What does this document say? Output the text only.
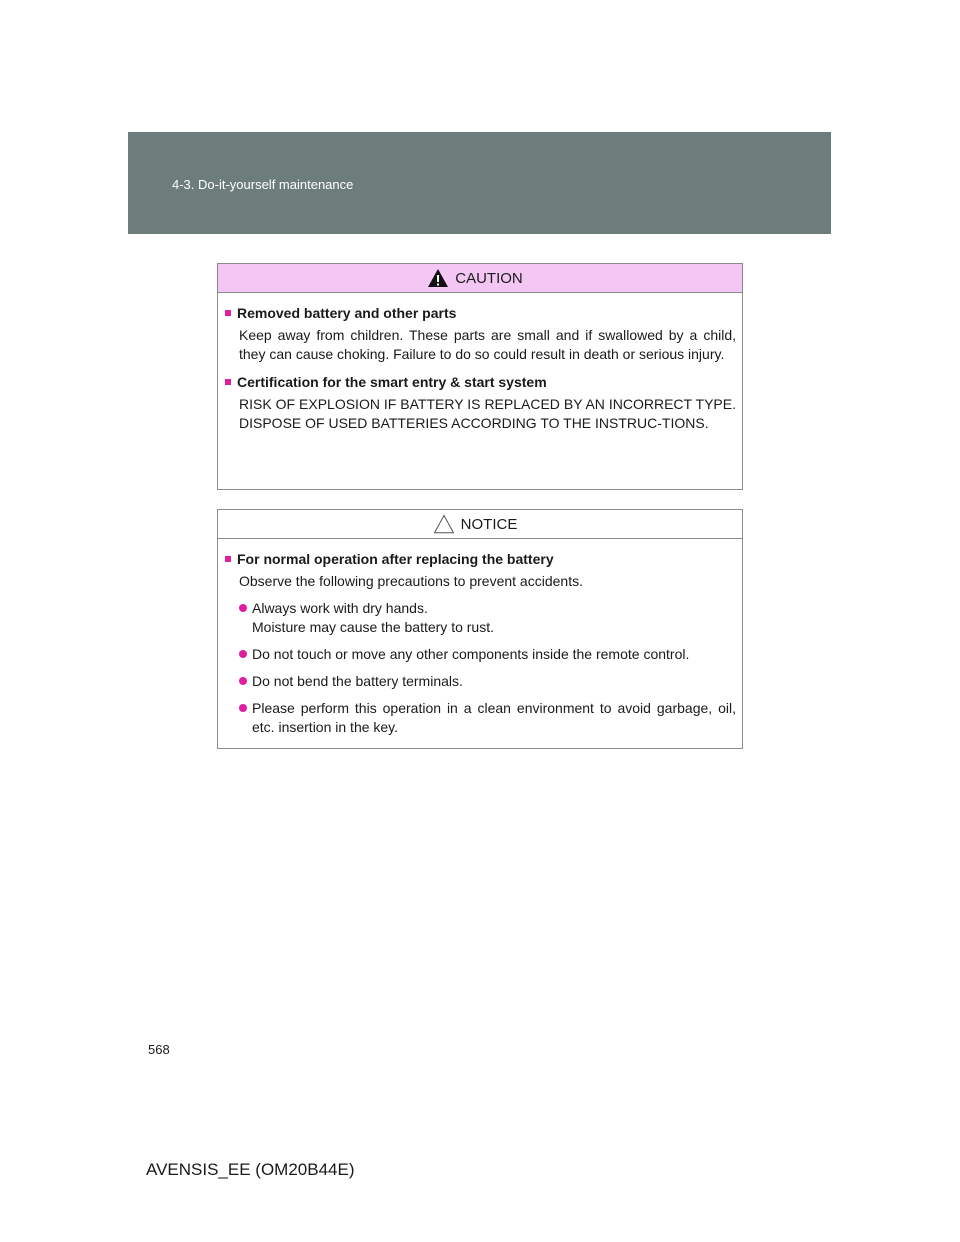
4-3. Do-it-yourself maintenance
CAUTION
Removed battery and other parts
Keep away from children. These parts are small and if swallowed by a child, they can cause choking. Failure to do so could result in death or serious injury.
Certification for the smart entry & start system
RISK OF EXPLOSION IF BATTERY IS REPLACED BY AN INCORRECT TYPE. DISPOSE OF USED BATTERIES ACCORDING TO THE INSTRUC-TIONS.
NOTICE
For normal operation after replacing the battery
Observe the following precautions to prevent accidents.
Always work with dry hands.
Moisture may cause the battery to rust.
Do not touch or move any other components inside the remote control.
Do not bend the battery terminals.
Please perform this operation in a clean environment to avoid garbage, oil, etc. insertion in the key.
568
AVENSIS_EE (OM20B44E)
